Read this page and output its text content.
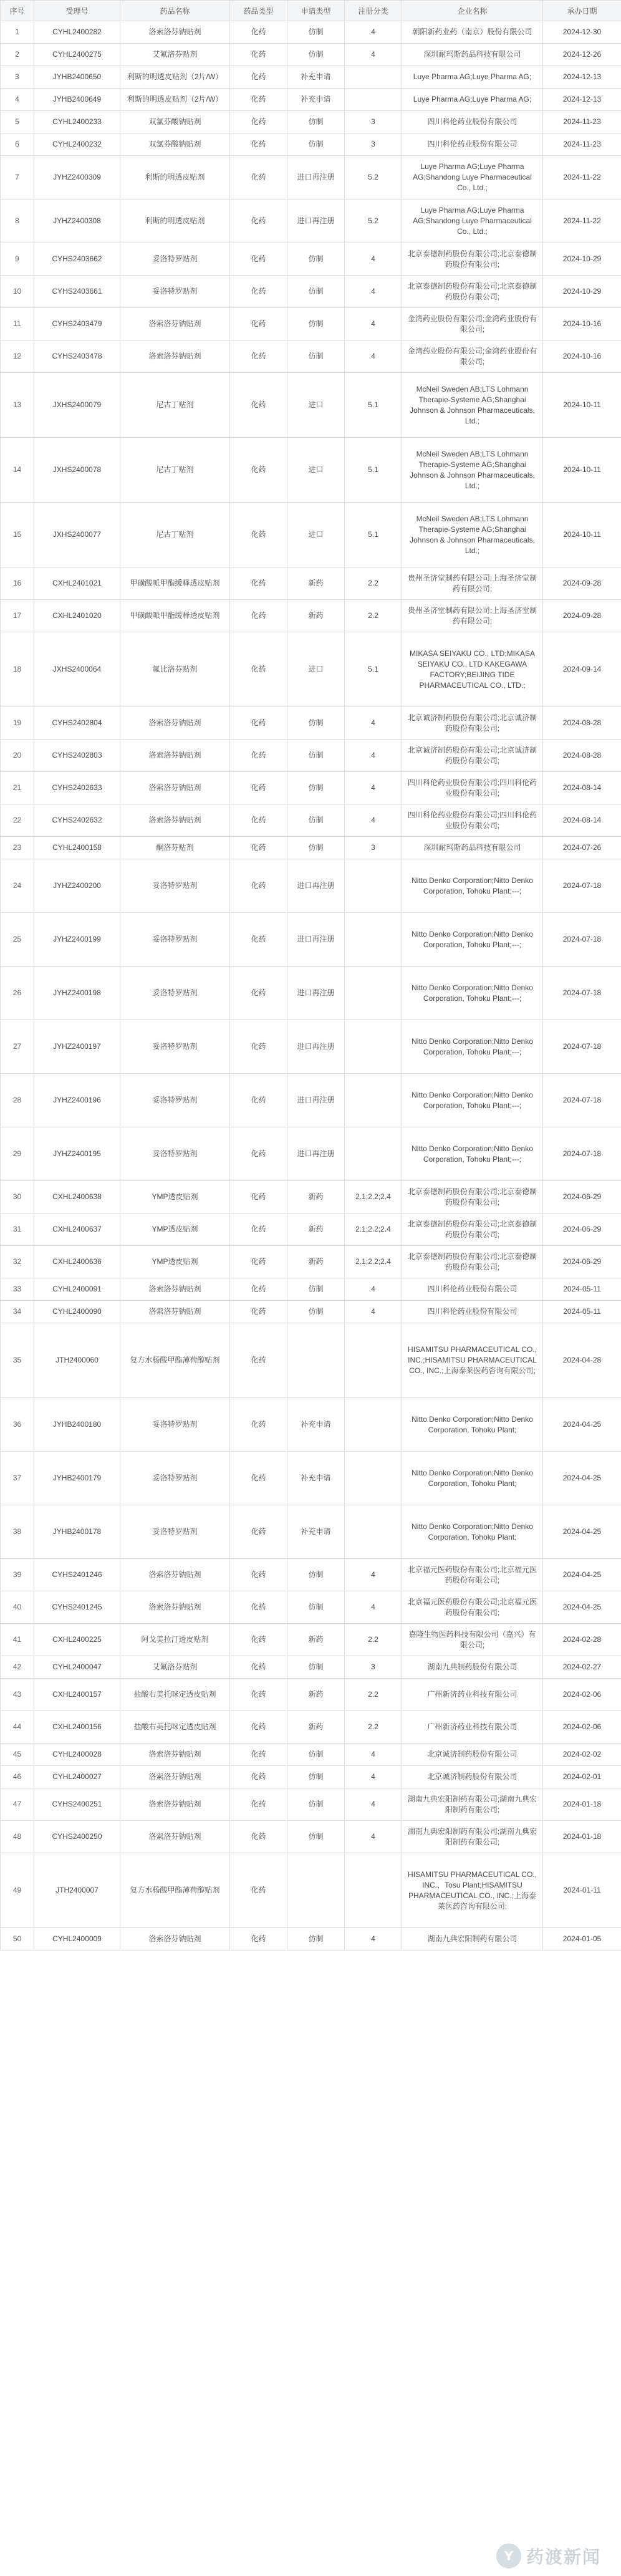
序号	受理号	药品名称	药品类型	申请类型	注册分类	企业名称	承办日期
1	CYHL2400282	洛索洛芬钠贴剂	化药	仿制	4	朝阳新药业药（南京）股份有限公司	2024-12-30
2	CYHL2400275	艾氟洛芬贴剂	化药	仿制	4	深圳耐玛斯药品科技有限公司	2024-12-26
3	JYHB2400650	利斯的明透皮贴剂（2片/W）	化药	补充申请		Luye Pharma AG;Luye Pharma AG;	2024-12-13
4	JYHB2400649	利斯的明透皮贴剂（2片/W）	化药	补充申请		Luye Pharma AG;Luye Pharma AG;	2024-12-13
5	CYHL2400233	双氯芬酸钠贴剂	化药	仿制	3	四川科伦药业股份有限公司	2024-11-23
6	CYHL2400232	双氯芬酸钠贴剂	化药	仿制	3	四川科伦药业股份有限公司	2024-11-23
7	JYHZ2400309	利斯的明透皮贴剂	化药	进口再注册	5.2	Luye Pharma AG;Luye Pharma AG;Shandong Luye Pharmaceutical Co., Ltd.;	2024-11-22
8	JYHZ2400308	利斯的明透皮贴剂	化药	进口再注册	5.2	Luye Pharma AG;Luye Pharma AG;Shandong Luye Pharmaceutical Co., Ltd.;	2024-11-22
9	CYHS2403662	妥洛特罗贴剂	化药	仿制	4	北京泰德制药股份有限公司;北京泰德制药股份有限公司;	2024-10-29
10	CYHS2403661	妥洛特罗贴剂	化药	仿制	4	北京泰德制药股份有限公司;北京泰德制药股份有限公司;	2024-10-29
11	CYHS2403479	洛索洛芬钠贴剂	化药	仿制	4	金湾药业股份有限公司;金湾药业股份有限公司;	2024-10-16
12	CYHS2403478	洛索洛芬钠贴剂	化药	仿制	4	金湾药业股份有限公司;金湾药业股份有限公司;	2024-10-16
13	JXHS2400079	尼古丁贴剂	化药	进口	5.1	McNeil Sweden AB;LTS Lohmann Therapie-Systeme AG;Shanghai Johnson & Johnson Pharmaceuticals, Ltd.;	2024-10-11
14	JXHS2400078	尼古丁贴剂	化药	进口	5.1	McNeil Sweden AB;LTS Lohmann Therapie-Systeme AG;Shanghai Johnson & Johnson Pharmaceuticals, Ltd.;	2024-10-11
15	JXHS2400077	尼古丁贴剂	化药	进口	5.1	McNeil Sweden AB;LTS Lohmann Therapie-Systeme AG;Shanghai Johnson & Johnson Pharmaceuticals, Ltd.;	2024-10-11
16	CXHL2401021	甲磺酸哌甲酯缓释透皮贴剂	化药	新药	2.2	贵州圣济堂制药有限公司;上海圣济堂制药有限公司;	2024-09-28
17	CXHL2401020	甲磺酸哌甲酯缓释透皮贴剂	化药	新药	2.2	贵州圣济堂制药有限公司;上海圣济堂制药有限公司;	2024-09-28
18	JXHS2400064	氟比洛芬贴剂	化药	进口	5.1	MIKASA SEIYAKU CO., LTD;MIKASA SEIYAKU CO., LTD KAKEGAWA FACTORY;BEIJING TIDE PHARMACEUTICAL CO., LTD.;	2024-09-14
19	CYHS2402804	洛索洛芬钠贴剂	化药	仿制	4	北京诚济制药股份有限公司;北京诚济制药股份有限公司;	2024-08-28
20	CYHS2402803	洛索洛芬钠贴剂	化药	仿制	4	北京诚济制药股份有限公司;北京诚济制药股份有限公司;	2024-08-28
21	CYHS2402633	洛索洛芬钠贴剂	化药	仿制	4	四川科伦药业股份有限公司;四川科伦药业股份有限公司;	2024-08-14
22	CYHS2402632	洛索洛芬钠贴剂	化药	仿制	4	四川科伦药业股份有限公司;四川科伦药业股份有限公司;	2024-08-14
23	CYHL2400158	酮洛芬贴剂	化药	仿制	3	深圳耐玛斯药品科技有限公司	2024-07-26
24	JYHZ2400200	妥洛特罗贴剂	化药	进口再注册		Nitto Denko Corporation;Nitto Denko Corporation, Tohoku Plant;---;	2024-07-18
25	JYHZ2400199	妥洛特罗贴剂	化药	进口再注册		Nitto Denko Corporation;Nitto Denko Corporation, Tohoku Plant;---;	2024-07-18
26	JYHZ2400198	妥洛特罗贴剂	化药	进口再注册		Nitto Denko Corporation;Nitto Denko Corporation, Tohoku Plant;---;	2024-07-18
27	JYHZ2400197	妥洛特罗贴剂	化药	进口再注册		Nitto Denko Corporation;Nitto Denko Corporation, Tohoku Plant;---;	2024-07-18
28	JYHZ2400196	妥洛特罗贴剂	化药	进口再注册		Nitto Denko Corporation;Nitto Denko Corporation, Tohoku Plant;---;	2024-07-18
29	JYHZ2400195	妥洛特罗贴剂	化药	进口再注册		Nitto Denko Corporation;Nitto Denko Corporation, Tohoku Plant;---;	2024-07-18
30	CXHL2400638	YMP透皮贴剂	化药	新药	2.1;2.2;2.4	北京泰德制药股份有限公司;北京泰德制药股份有限公司;	2024-06-29
31	CXHL2400637	YMP透皮贴剂	化药	新药	2.1;2.2;2.4	北京泰德制药股份有限公司;北京泰德制药股份有限公司;	2024-06-29
32	CXHL2400636	YMP透皮贴剂	化药	新药	2.1;2.2;2.4	北京泰德制药股份有限公司;北京泰德制药股份有限公司;	2024-06-29
33	CYHL2400091	洛索洛芬钠贴剂	化药	仿制	4	四川科伦药业股份有限公司	2024-05-11
34	CYHL2400090	洛索洛芬钠贴剂	化药	仿制	4	四川科伦药业股份有限公司	2024-05-11
35	JTH2400060	复方水杨酸甲酯薄荷醇贴剂	化药			HISAMITSU PHARMACEUTICAL CO., INC.;HISAMITSU PHARMACEUTICAL CO., INC.;上海泰莱医药咨询有限公司;	2024-04-28
36	JYHB2400180	妥洛特罗贴剂	化药	补充申请		Nitto Denko Corporation;Nitto Denko Corporation, Tohoku Plant;	2024-04-25
37	JYHB2400179	妥洛特罗贴剂	化药	补充申请		Nitto Denko Corporation;Nitto Denko Corporation, Tohoku Plant;	2024-04-25
38	JYHB2400178	妥洛特罗贴剂	化药	补充申请		Nitto Denko Corporation;Nitto Denko Corporation, Tohoku Plant;	2024-04-25
39	CYHS2401246	洛索洛芬钠贴剂	化药	仿制	4	北京福元医药股份有限公司;北京福元医药股份有限公司;	2024-04-25
40	CYHS2401245	洛索洛芬钠贴剂	化药	仿制	4	北京福元医药股份有限公司;北京福元医药股份有限公司;	2024-04-25
41	CXHL2400225	阿戈美拉汀透皮贴剂	化药	新药	2.2	嘉隆生物医药科技有限公司（嘉兴）有限公司;	2024-02-28
42	CYHL2400047	艾氟洛芬贴剂	化药	仿制	3	湖南九典制药股份有限公司	2024-02-27
43	CXHL2400157	盐酸右美托咪定透皮贴剂	化药	新药	2.2	广州新济药业科技有限公司	2024-02-06
44	CXHL2400156	盐酸右美托咪定透皮贴剂	化药	新药	2.2	广州新济药业科技有限公司	2024-02-06
45	CYHL2400028	洛索洛芬钠贴剂	化药	仿制	4	北京诚济制药股份有限公司	2024-02-02
46	CYHL2400027	洛索洛芬钠贴剂	化药	仿制	4	北京诚济制药股份有限公司	2024-02-01
47	CYHS2400251	洛索洛芬钠贴剂	化药	仿制	4	湖南九典宏阳制药有限公司;湖南九典宏阳制药有限公司;	2024-01-18
48	CYHS2400250	洛索洛芬钠贴剂	化药	仿制	4	湖南九典宏阳制药有限公司;湖南九典宏阳制药有限公司;	2024-01-18
49	JTH2400007	复方水杨酸甲酯薄荷醇贴剂	化药			HISAMITSU PHARMACEUTICAL CO., INC.，Tosu Plant;HISAMITSU PHARMACEUTICAL CO., INC.;上海泰莱医药咨询有限公司;	2024-01-11
50	CYHL2400009	洛索洛芬钠贴剂	化药	仿制	4	湖南九典宏阳制药有限公司	2024-01-05
Y 药渡新闻
